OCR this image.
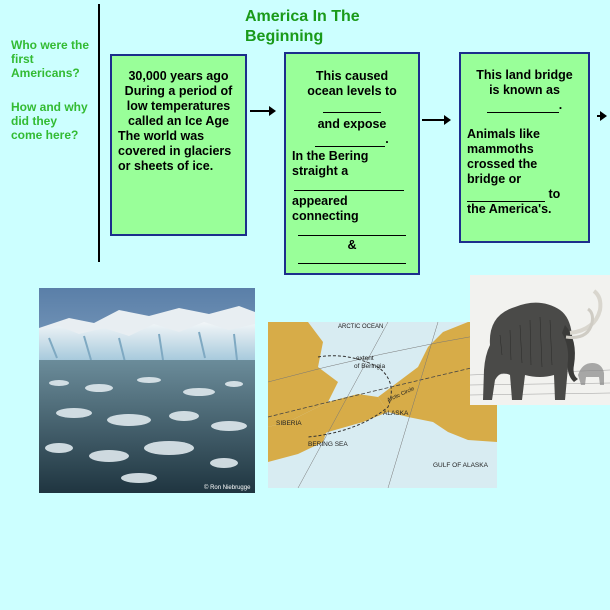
America In The Beginning
Who were the first Americans?
How and why did they come here?
30,000 years ago
During a period of
low temperatures
called an Ice Age
The world was
covered in glaciers
or sheets of ice.
This caused
ocean levels to
and expose
.
In the Bering
straight a
appeared
connecting
&
This land bridge
is known as
.
Animals like
mammoths
crossed the
bridge or
to
the America's.
© Ron Niebrugge
ARCTIC OCEAN
extent
of Beringia
Arctic Circle
ALASKA
SIBERIA
BERING SEA
GULF OF ALASKA
